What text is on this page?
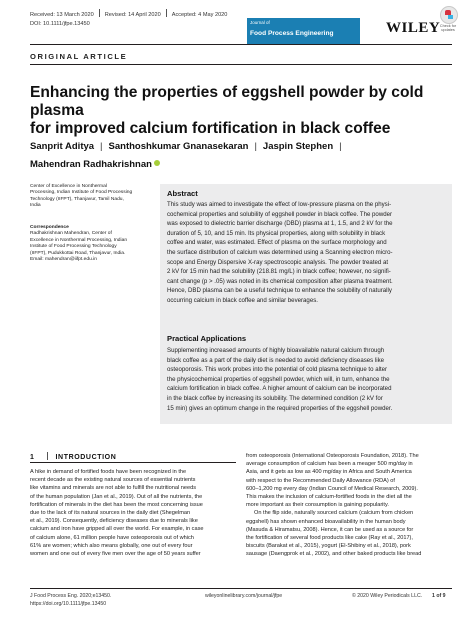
Received: 13 March 2020 Revised: 14 April 2020 Accepted: 4 May 2020
DOI: 10.1111/jfpe.13450	Journal of
Food Process Engineering	WILEY Check for updates
ORIGINAL ARTICLE
Enhancing the properties of eggshell powder by cold plasma
for improved calcium fortification in black coffee
Sanprit Aditya | Santhoshkumar Gnanasekaran | Jaspin Stephen |
Mahendran Radhakrishnan
Center of Excellence in Nonthermal
Processing, Indian Institute of Food Processing
Technology (IIFPT), Thanjavur, Tamil Nadu,
India
Correspondence
Radhakrishnan Mahendran, Center of
Excellence in Nonthermal Processing, Indian
Institute of Food Processing Technology
(IIFPT), Pudukkottai Road, Thanjavur, India.
Email: mahendran@iifpt.edu.in
Abstract

This study was aimed to investigate the effect of low-pressure plasma on the physi-
cochemical properties and solubility of eggshell powder in black coffee. The powder
was exposed to dielectric barrier discharge (DBD) plasma at 1, 1.5, and 2 kV for the
duration of 5, 10, and 15 min. Its physical properties, along with solubility in black
coffee and water, was estimated. Effect of plasma on the surface morphology and
the surface distribution of calcium was determined using a Scanning electron micro-
scope and Energy Dispersive X-ray spectroscopic analysis. The powder treated at
2 kV for 15 min had the solubility (218.81 mg/L) in black coffee; however, no signifi-
cant change (p > .05) was noted in its chemical composition after plasma treatment.
Hence, DBD plasma can be a useful technique to enhance the solubility of naturally
occurring calcium in black coffee and similar beverages.

Practical Applications

Supplementing increased amounts of highly bioavailable natural calcium through
black coffee as a part of the daily diet is needed to avoid deficiency diseases like
osteoporosis. This work probes into the potential of cold plasma technique to alter
the physicochemical properties of eggshell powder, which will, in turn, enhance the
calcium fortification in black coffee. A higher amount of calcium can be incorporated
in the black coffee by increasing its solubility. The determined condition (2 kV for
15 min) gives an optimum change in the required properties of the eggshell powder.

1	INTRODUCTION
A hike in demand of fortified foods have been recognized in the
recent decade as the existing natural sources of essential nutrients
like vitamins and minerals are not able to fulfill the nutritional needs
of the human population (Jan et al., 2019). Out of all the nutrients, the
fortification of minerals in the diet has been the most concerning issue
due to the lack of its natural sources in the daily diet (Shegelman
et al., 2019). Consequently, deficiency diseases due to minerals like
calcium and iron have gripped all over the world. For example, in case
of calcium alone, 61 million people have osteoporosis out of which
61% are women; which also means globally, one out of every four
women and one out of every five men over the age of 50 years suffer
from osteoporosis (International Osteoporosis Foundation, 2018). The
average consumption of calcium has been a meager 500 mg/day in
Asia, and it gets as low as 400 mg/day in Africa and South America
with respect to the Recommended Daily Allowance (RDA) of
600–1,200 mg every day (Indian Council of Medical Research, 2009).
This makes the inclusion of calcium-fortified foods in the diet all the
more important as their consumption is gaining popularity.
On the flip side, naturally sourced calcium (calcium from chicken
eggshell) has shown enhanced bioavailability in the human body
(Masuda & Hiramatsu, 2008). Hence, it can be used as a source for
the fortification of several food products like cake (Ray et al., 2017),
biscuits (Barakat et al., 2015), yogurt (El-Shibiny et al., 2018), pork
sausage (Daengprok et al., 2002), and other baked products like bread
J Food Process Eng. 2020;e13450.
https://doi.org/10.1111/jfpe.13450
wileyonlinelibrary.com/journal/jfpe	© 2020 Wiley Periodicals LLC. 1 of 9
